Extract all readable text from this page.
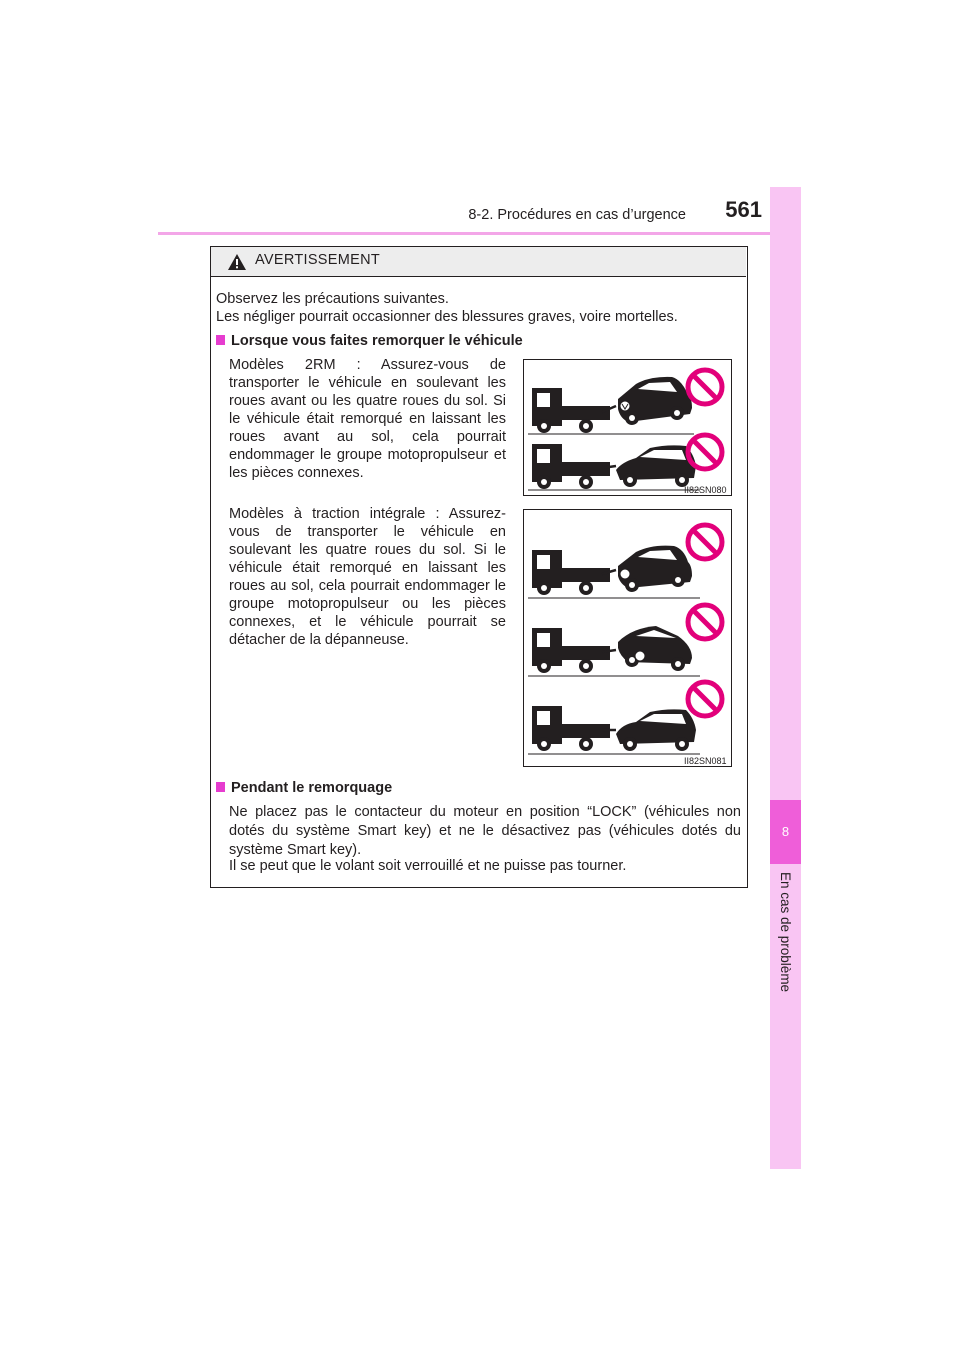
8-2. Procédures en cas d’urgence	561
8
En cas de problème
AVERTISSEMENT
Observez les précautions suivantes.
Les négliger pourrait occasionner des blessures graves, voire mortelles.
Lorsque vous faites remorquer le véhicule
Modèles 2RM : Assurez-vous de transporter le véhicule en soulevant les roues avant ou les quatre roues du sol. Si le véhicule était remorqué en laissant les roues avant au sol, cela pourrait endommager le groupe motopropulseur et les pièces connexes.
Modèles à traction intégrale : Assurez-vous de transporter le véhicule en soulevant les quatre roues du sol. Si le véhicule était remorqué en laissant les roues au sol, cela pourrait endommager le groupe motopropulseur ou les pièces connexes, et le véhicule pourrait se détacher de la dépanneuse.
II82SN080
II82SN081
Pendant le remorquage
Ne placez pas le contacteur du moteur en position “LOCK” (véhicules non dotés du système Smart key) et ne le désactivez pas (véhicules dotés du système Smart key).
Il se peut que le volant soit verrouillé et ne puisse pas tourner.
